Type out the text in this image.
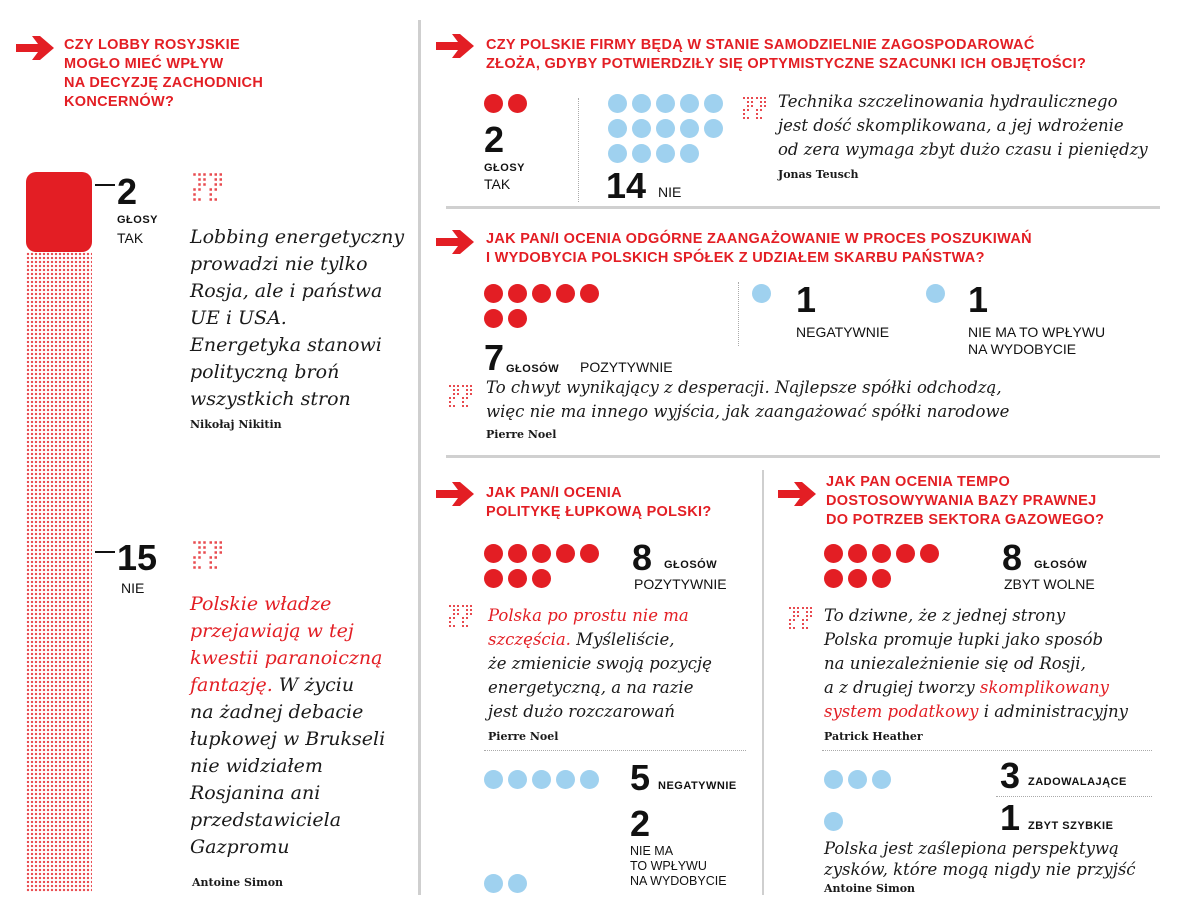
CZY LOBBY ROSYJSKIE
MOGŁO MIEĆ WPŁYW
NA DECYZJĘ ZACHODNICH
KONCERNÓW?
2
GŁOSY
TAK
15
NIE
Lobbing energetyczny
prowadzi nie tylko
Rosja, ale i państwa
UE i USA.
Energetyka stanowi
polityczną broń
wszystkich stron
Nikołaj Nikitin
Polskie władze
przejawiają w tej
kwestii paranoiczną
fantazję. W życiu
na żadnej debacie
łupkowej w Brukseli
nie widziałem
Rosjanina ani
przedstawiciela
Gazpromu
Antoine Simon
CZY POLSKIE FIRMY BĘDĄ W STANIE SAMODZIELNIE ZAGOSPODAROWAĆ
ZŁOŻA, GDYBY POTWIERDZIŁY SIĘ OPTYMISTYCZNE SZACUNKI ICH OBJĘTOŚCI?
2
GŁOSY
TAK
	14 NIE
Technika szczelinowania hydraulicznego
jest dość skomplikowana, a jej wdrożenie
od zera wymaga zbyt dużo czasu i pieniędzy
Jonas Teusch
JAK PAN/I OCENIA ODGÓRNE ZAANGAŻOWANIE W PROCES POSZUKIWAŃ
I WYDOBYCIA POLSKICH SPÓŁEK Z UDZIAŁEM SKARBU PAŃSTWA?

7 GŁOSÓW POZYTYWNIE
1
NEGATYWNIE
1
NIE MA TO WPŁYWU
NA WYDOBYCIE
To chwyt wynikający z desperacji. Najlepsze spółki odchodzą,
więc nie ma innego wyjścia, jak zaangażować spółki narodowe
Pierre Noel
JAK PAN/I OCENIA
POLITYKĘ ŁUPKOWĄ POLSKI?

8 GŁOSÓW
POZYTYWNIE
Polska po prostu nie ma
szczęścia. Myśleliście,
że zmienicie swoją pozycję
energetyczną, a na razie
jest dużo rozczarowań
Pierre Noel
5 NEGATYWNIE
2
NIE MA
TO WPŁYWU
NA WYDOBYCIE
JAK PAN OCENIA TEMPO
DOSTOSOWYWANIA BAZY PRAWNEJ
DO POTRZEB SEKTORA GAZOWEGO?

8 GŁOSÓW
ZBYT WOLNE
To dziwne, że z jednej strony
Polska promuje łupki jako sposób
na uniezależnienie się od Rosji,
a z drugiej tworzy skomplikowany
system podatkowy i administracyjny
Patrick Heather
3 ZADOWALAJĄCE
1 ZBYT SZYBKIE
Polska jest zaślepiona perspektywą
zysków, które mogą nigdy nie przyjść
Antoine Simon
